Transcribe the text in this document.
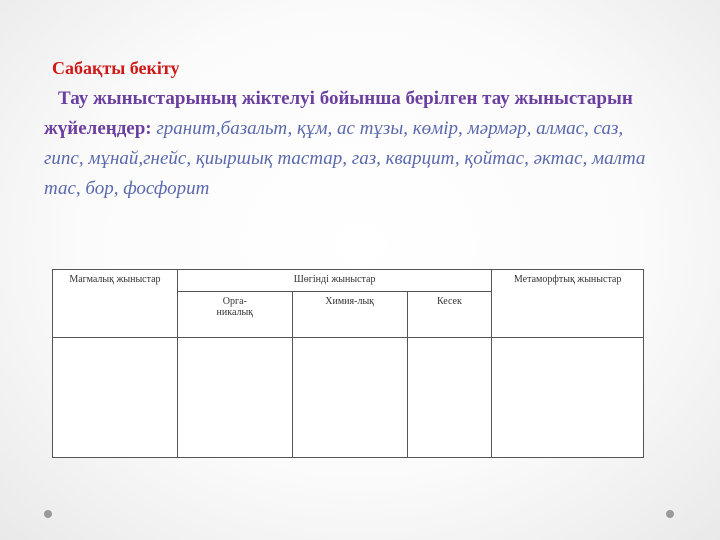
Сабақты бекіту

Тау жыныстарының жіктелуі бойынша берілген тау жыныстарын жүйелеңдер: гранит,базальт, құм, ас тұзы, көмір, мәрмәр, алмас, саз, гипс, мұнай,гнейс, қиыршық тастар, газ, кварцит, қойтас, әктас, малта тас, бор, фосфорит

Магмалық жыныстар	Шөгінді жыныстар			Метаморфтық жыныстар
	Орга-никалық	Химия-лық	Кесек	
